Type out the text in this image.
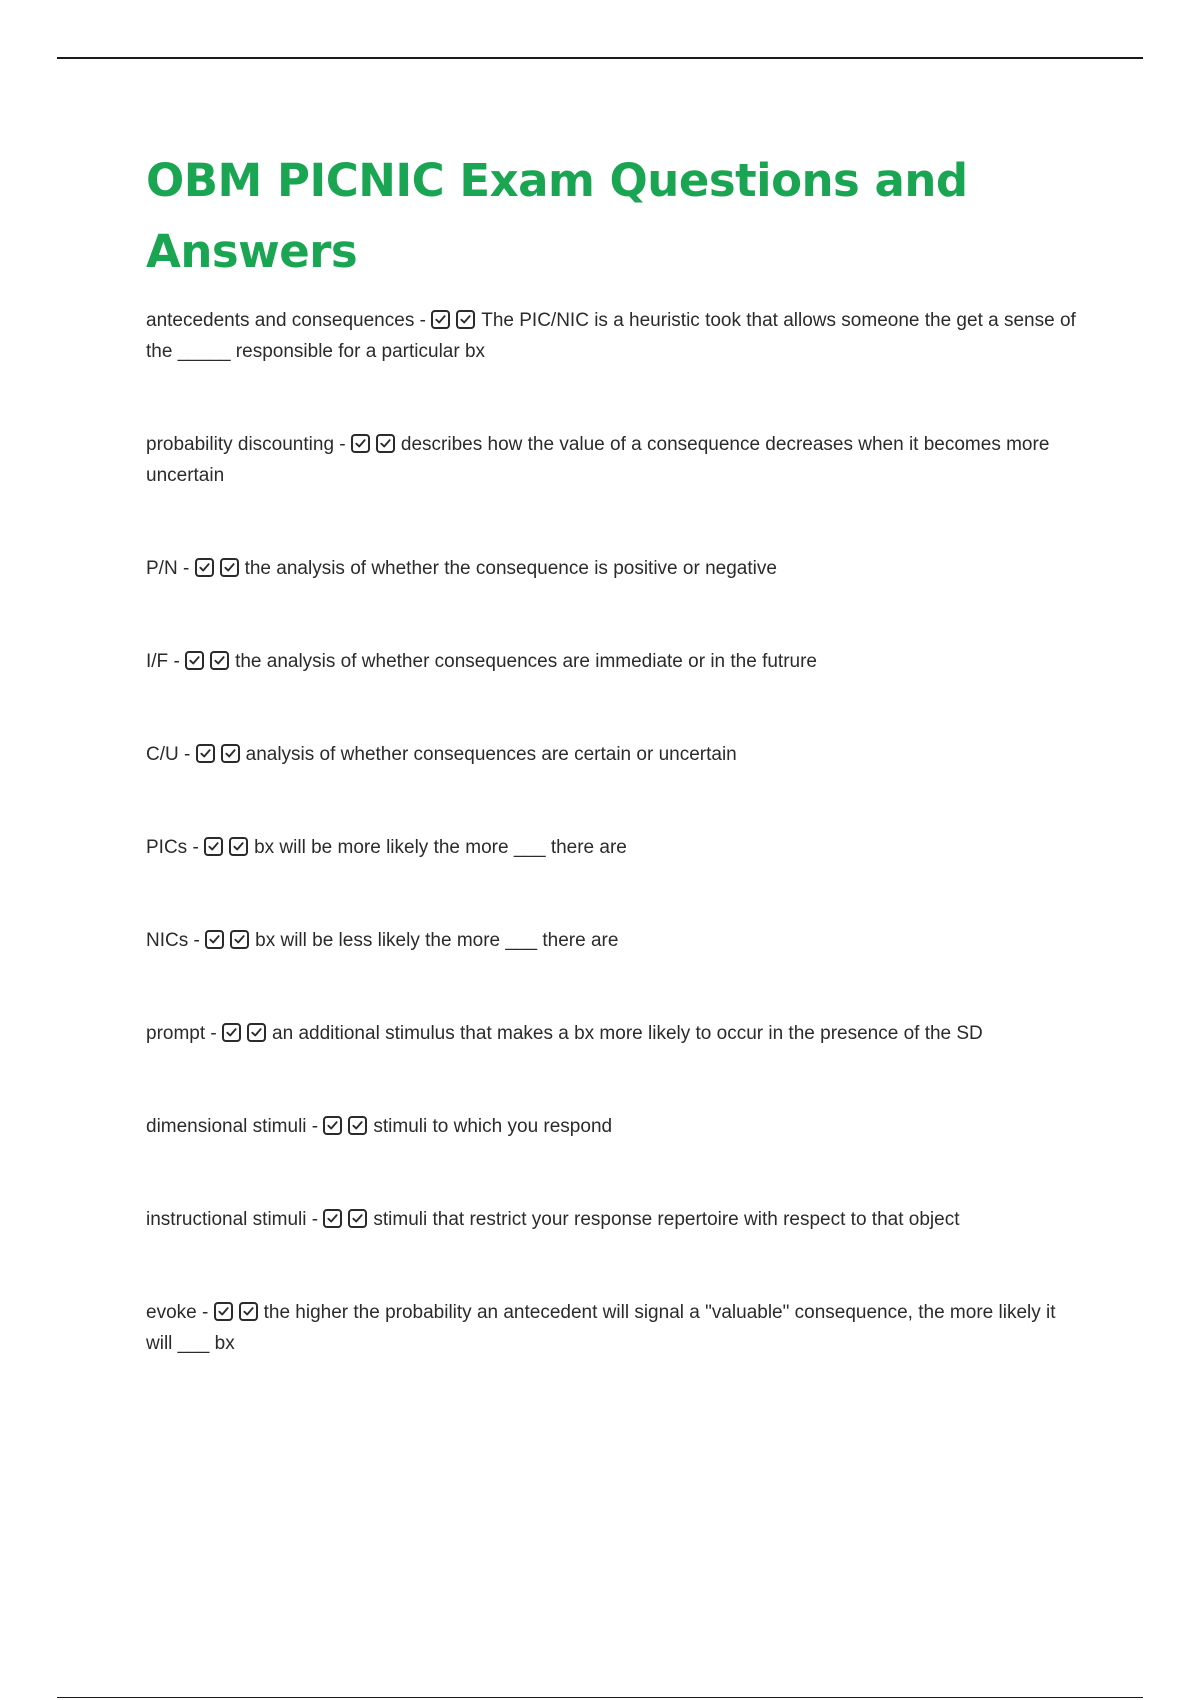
OBM PICNIC Exam Questions and Answers
antecedents and consequences -	The PIC/NIC is a heuristic took that allows someone the get a sense of the _____ responsible for a particular bx
probability discounting -	describes how the value of a consequence decreases when it becomes more uncertain
P/N -	the analysis of whether the consequence is positive or negative
I/F -	the analysis of whether consequences are immediate or in the futrure
C/U -	analysis of whether consequences are certain or uncertain
PICs -	bx will be more likely the more ___ there are
NICs -	bx will be less likely the more ___ there are
prompt -	an additional stimulus that makes a bx more likely to occur in the presence of the SD
dimensional stimuli -	stimuli to which you respond
instructional stimuli -	stimuli that restrict your response repertoire with respect to that object
evoke -	the higher the probability an antecedent will signal a "valuable" consequence, the more likely it will ___ bx
